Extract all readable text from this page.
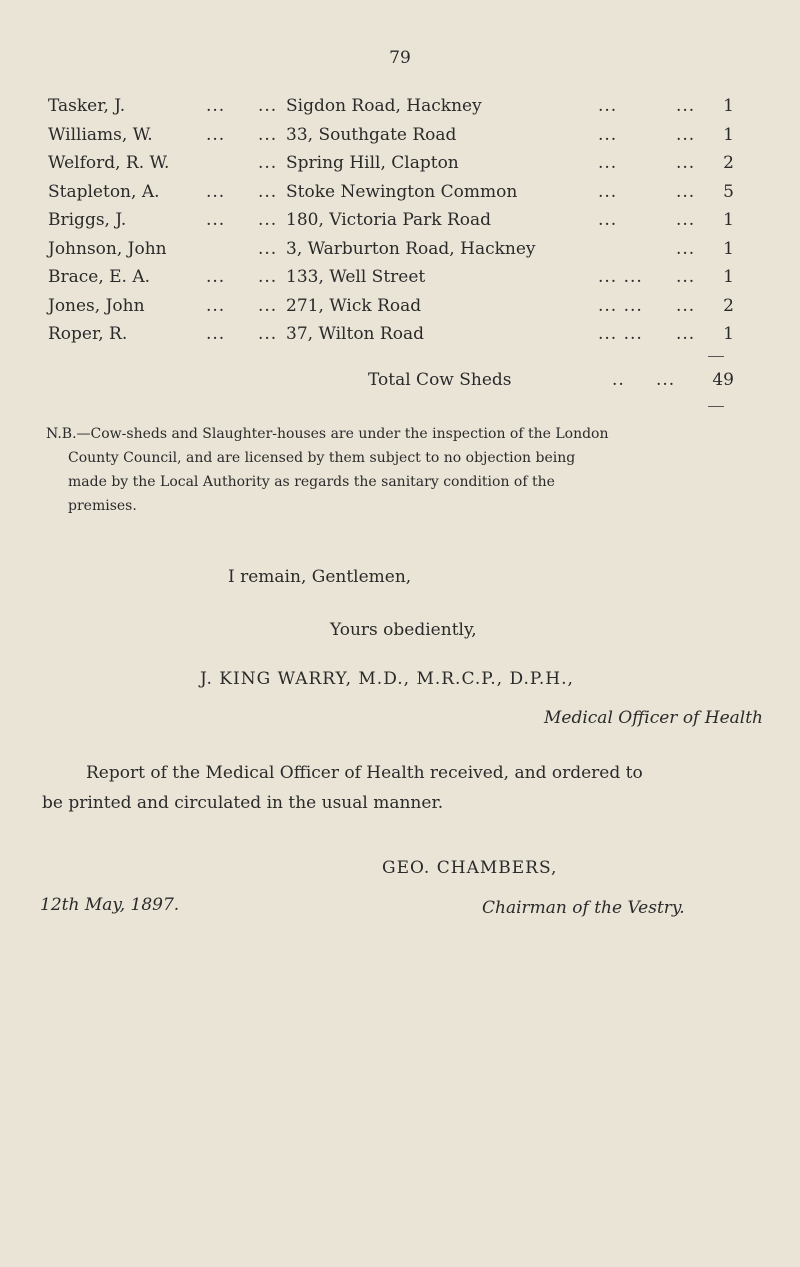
79
Tasker, J.	... ... Sigdon Road, Hackney	...	... 1
Williams, W.	... ... 33, Southgate Road	...	... 1
Welford, R. W.	... Spring Hill, Clapton	...	... 2
Stapleton, A.	... ... Stoke Newington Common	...	... 5
Briggs, J.	... ... 180, Victoria Park Road	...	... 1
Johnson, John	... 3, Warburton Road, Hackney	... 1
Brace, E. A.	... ... 133, Well Street	... ... ... 1
Jones, John	... ... 271, Wick Road	... ... ... 2
Roper, R.	... ... 37, Wilton Road	... ... ... 1
Total Cow Sheds	.. ... 49
N.B.—Cow-sheds and Slaughter-houses are under the inspection of the London
County Council, and are licensed by them subject to no objection being
made by the Local Authority as regards the sanitary condition of the
premises.
I remain, Gentlemen,
Yours obediently,
J. KING WARRY, M.D., M.R.C.P., D.P.H.,
Medical Officer of Health
Report of the Medical Officer of Health received, and ordered to
be printed and circulated in the usual manner.
GEO. CHAMBERS,
12th May, 1897.	Chairman of the Vestry.
